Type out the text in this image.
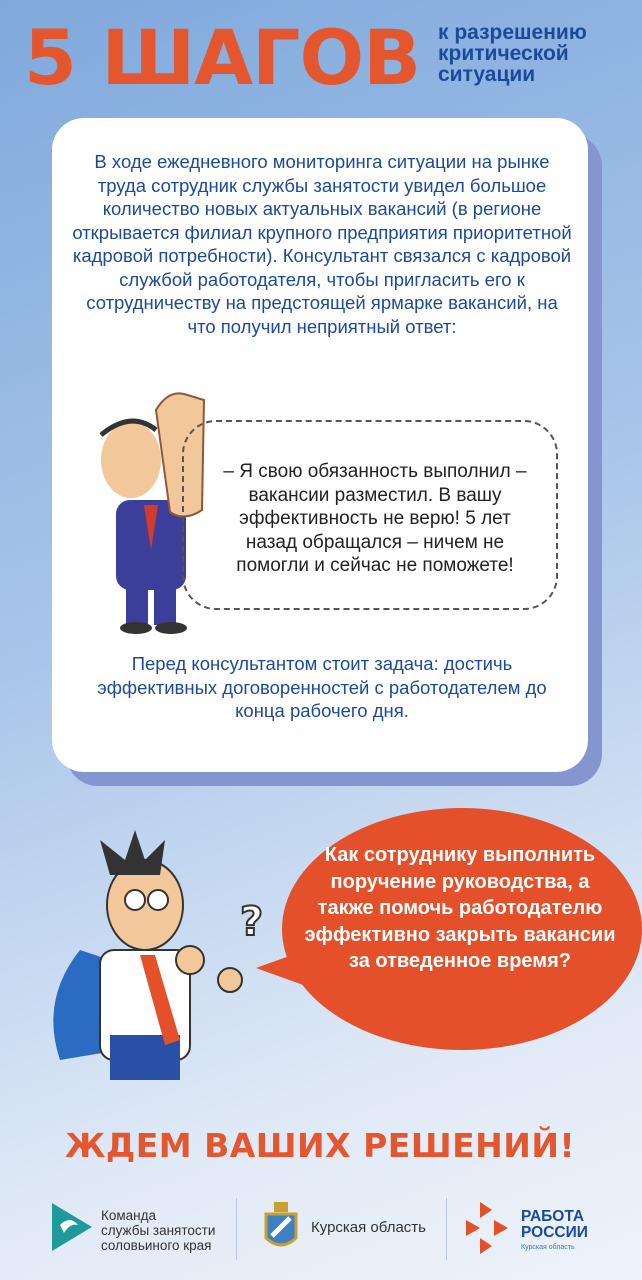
5 ШАГОВ к разрешению
критической
ситуации
В ходе ежедневного мониторинга ситуации на рынке труда сотрудник службы занятости увидел большое количество новых актуальных вакансий (в регионе открывается филиал крупного предприятия приоритетной кадровой потребности). Консультант связался с кадровой службой работодателя, чтобы пригласить его к сотрудничеству на предстоящей ярмарке вакансий, на что получил неприятный ответ:
– Я свою обязанность выполнил – вакансии разместил. В вашу эффективность не верю! 5 лет назад обращался – ничем не помогли и сейчас не поможете!
Перед консультантом стоит задача: достичь эффективных договоренностей с работодателем до конца рабочего дня.
?
Как сотруднику выполнить поручение руководства, а также помочь работодателю эффективно закрыть вакансии за отведенное время?
ЖДЕМ ВАШИХ РЕШЕНИЙ!
Команда
службы занятости
соловьиного края
Курская область
РАБОТА
РОССИИ
Курская область
